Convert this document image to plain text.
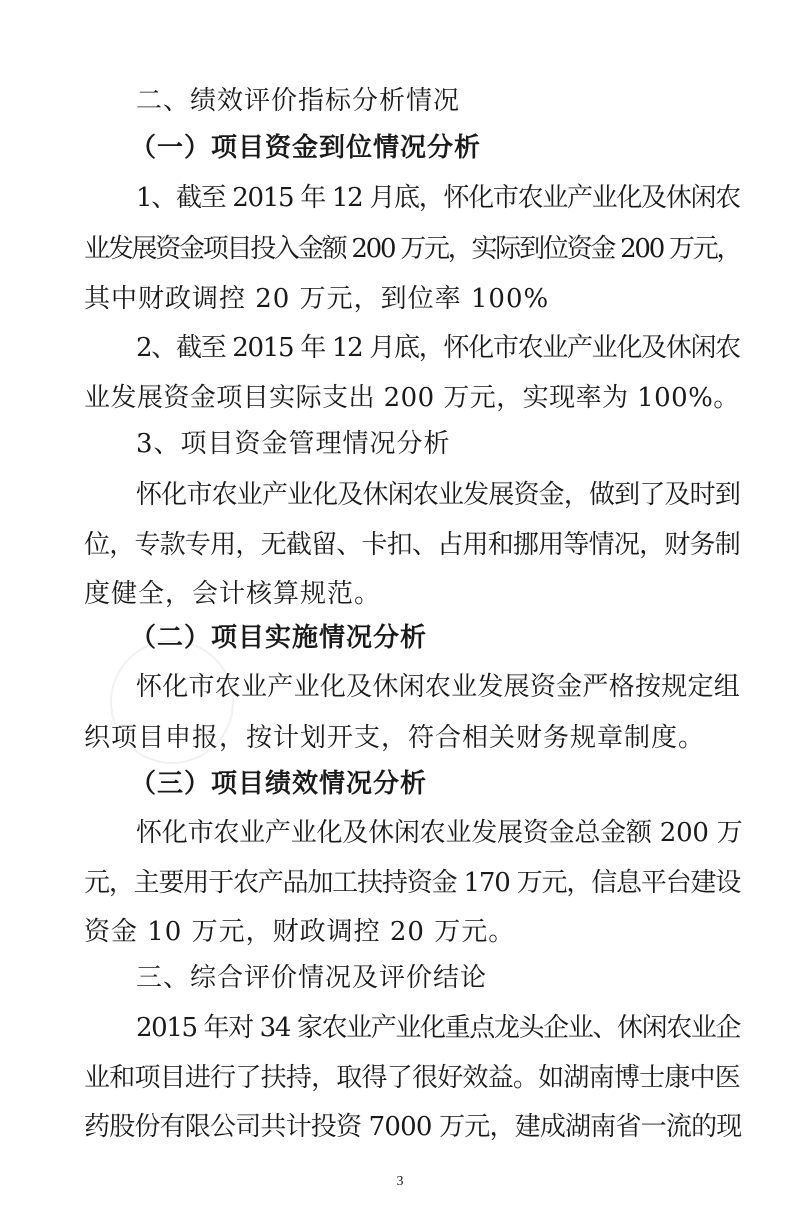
二、绩效评价指标分析情况
（一）项目资金到位情况分析
1、截至 2015 年 12 月底，怀化市农业产业化及休闲农
业发展资金项目投入金额 200 万元，实际到位资金 200 万元，
其中财政调控 20 万元，到位率 100%
2、截至 2015 年 12 月底，怀化市农业产业化及休闲农
业发展资金项目实际支出 200 万元，实现率为 100%。
3、项目资金管理情况分析
怀化市农业产业化及休闲农业发展资金，做到了及时到
位，专款专用，无截留、卡扣、占用和挪用等情况，财务制
度健全，会计核算规范。
（二）项目实施情况分析
怀化市农业产业化及休闲农业发展资金严格按规定组
织项目申报，按计划开支，符合相关财务规章制度。
（三）项目绩效情况分析
怀化市农业产业化及休闲农业发展资金总金额 200 万
元，主要用于农产品加工扶持资金 170 万元，信息平台建设
资金 10 万元，财政调控 20 万元。
三、综合评价情况及评价结论
2015 年对 34 家农业产业化重点龙头企业、休闲农业企
业和项目进行了扶持，取得了很好效益。如湖南博士康中医
药股份有限公司共计投资 7000 万元，建成湖南省一流的现
3
